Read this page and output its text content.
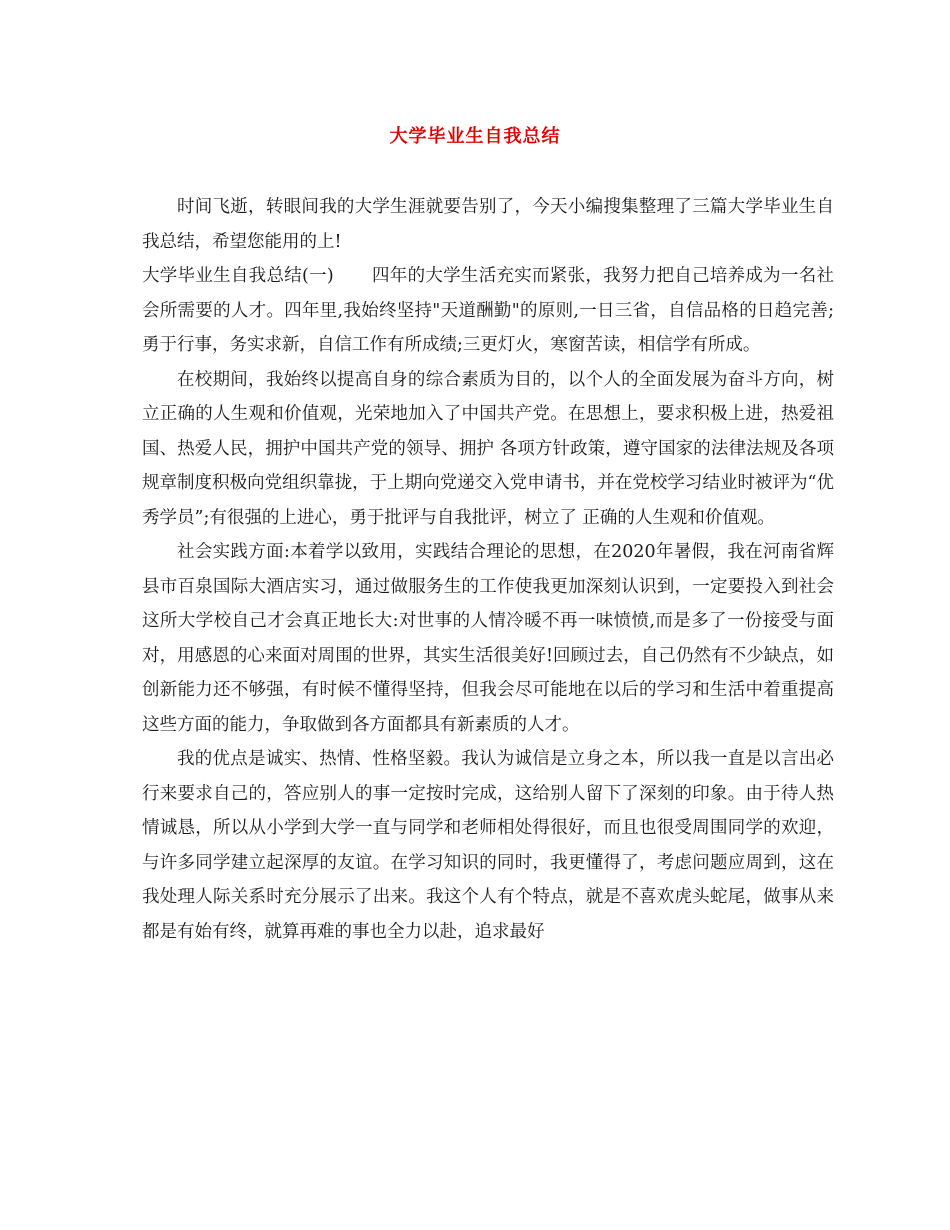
大学毕业生自我总结

时间飞逝，转眼间我的大学生涯就要告别了，今天小编搜集整理了三篇大学毕业生自我总结，希望您能用的上!

大学毕业生自我总结(一) 四年的大学生活充实而紧张，我努力把自己培养成为一名社会所需要的人才。四年里,我始终坚持"天道酬勤"的原则,一日三省，自信品格的日趋完善;勇于行事，务实求新，自信工作有所成绩;三更灯火，寒窗苦读，相信学有所成。

在校期间，我始终以提高自身的综合素质为目的，以个人的全面发展为奋斗方向，树立正确的人生观和价值观，光荣地加入了中国共产党。在思想上，要求积极上进，热爱祖国、热爱人民，拥护中国共产党的领导、拥护 各项方针政策，遵守国家的法律法规及各项规章制度积极向党组织靠拢，于上期向党递交入党申请书，并在党校学习结业时被评为“优秀学员”;有很强的上进心，勇于批评与自我批评，树立了 正确的人生观和价值观。

社会实践方面:本着学以致用，实践结合理论的思想，在2020年暑假，我在河南省辉县市百泉国际大酒店实习，通过做服务生的工作使我更加深刻认识到，一定要投入到社会这所大学校自己才会真正地长大:对世事的人情冷暖不再一味愤愤,而是多了一份接受与面对，用感恩的心来面对周围的世界，其实生活很美好!回顾过去，自己仍然有不少缺点，如创新能力还不够强，有时候不懂得坚持，但我会尽可能地在以后的学习和生活中着重提高这些方面的能力，争取做到各方面都具有新素质的人才。

我的优点是诚实、热情、性格坚毅。我认为诚信是立身之本，所以我一直是以言出必行来要求自己的，答应别人的事一定按时完成，这给别人留下了深刻的印象。由于待人热情诚恳，所以从小学到大学一直与同学和老师相处得很好，而且也很受周围同学的欢迎，与许多同学建立起深厚的友谊。在学习知识的同时，我更懂得了，考虑问题应周到，这在我处理人际关系时充分展示了出来。我这个人有个特点，就是不喜欢虎头蛇尾，做事从来都是有始有终，就算再难的事也全力以赴，追求最好
